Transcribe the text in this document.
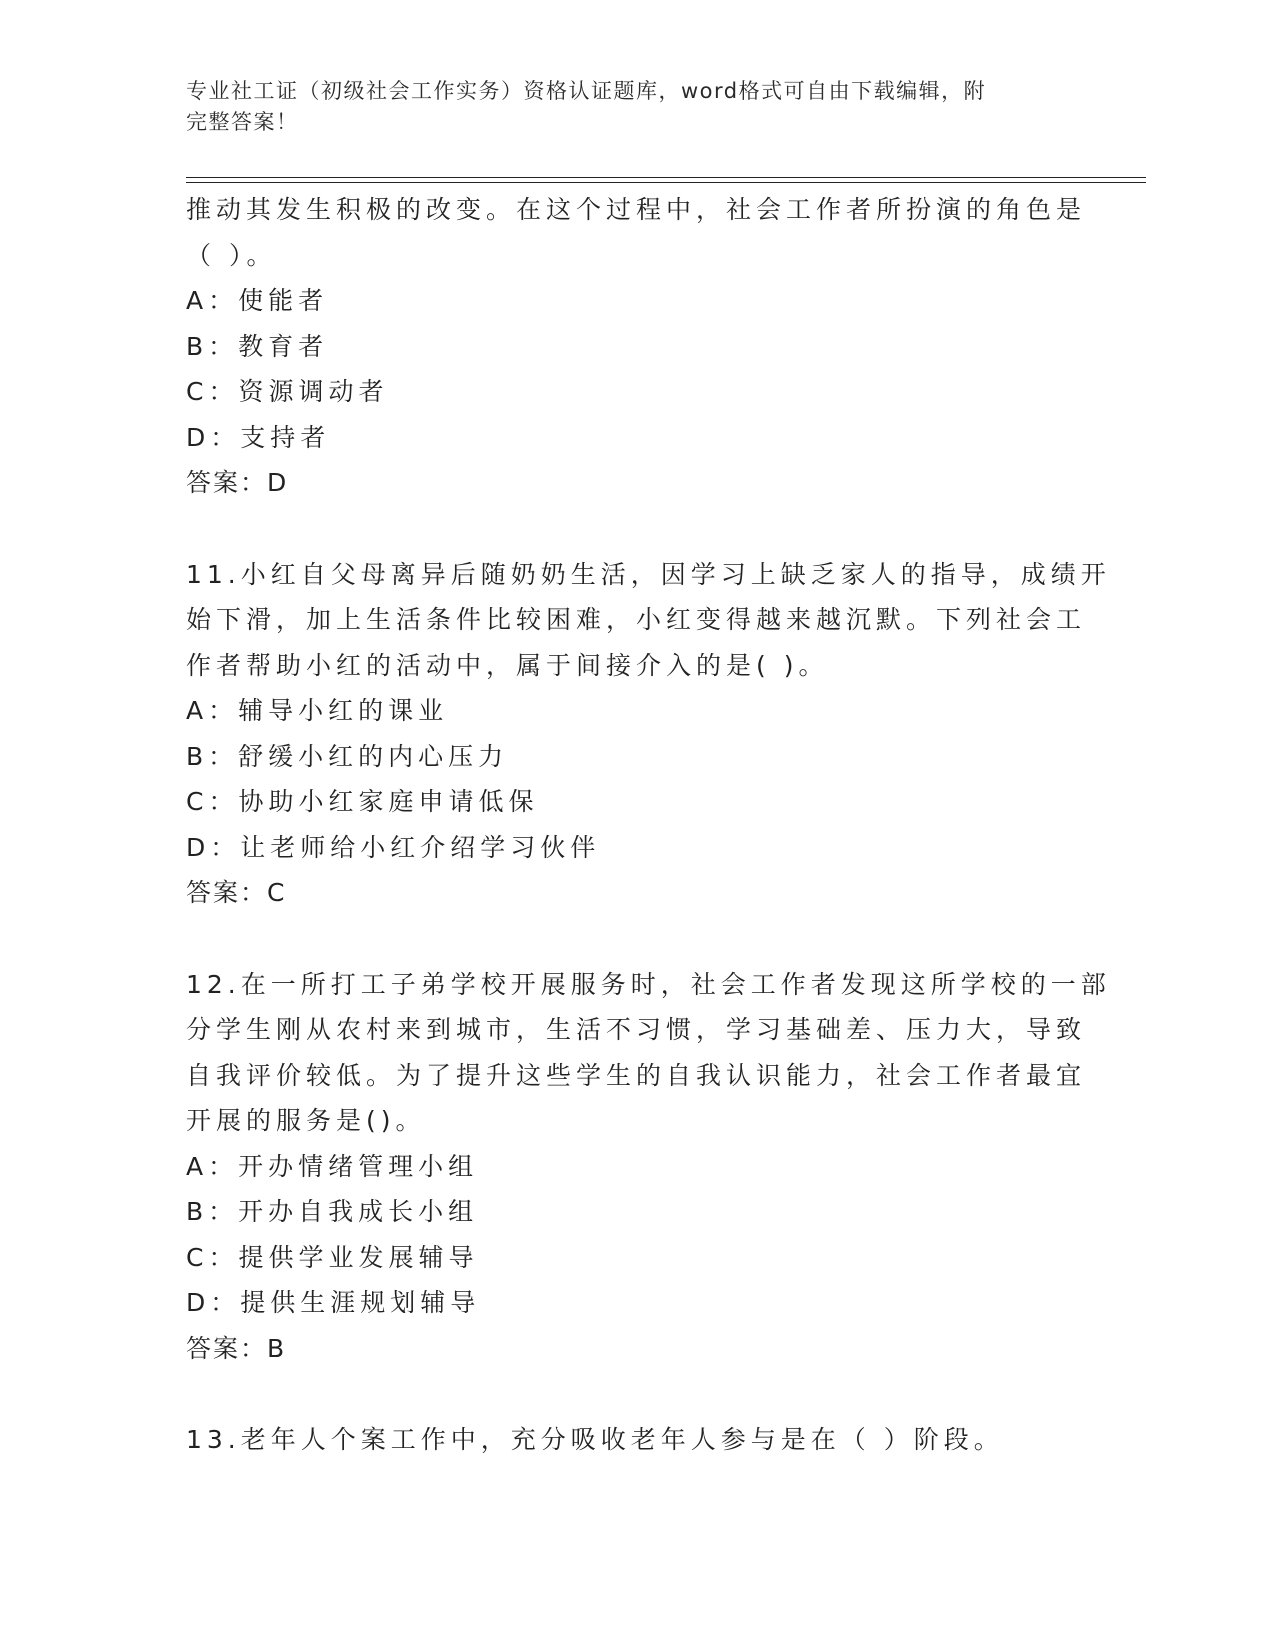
专业社工证（初级社会工作实务）资格认证题库，word格式可自由下载编辑，附
完整答案！
推动其发生积极的改变。在这个过程中，社会工作者所扮演的角色是
（ ）。
A：使能者
B：教育者
C：资源调动者
D：支持者
答案：D
11.小红自父母离异后随奶奶生活，因学习上缺乏家人的指导，成绩开
始下滑，加上生活条件比较困难，小红变得越来越沉默。下列社会工
作者帮助小红的活动中，属于间接介入的是( )。
A：辅导小红的课业
B：舒缓小红的内心压力
C：协助小红家庭申请低保
D：让老师给小红介绍学习伙伴
答案：C
12.在一所打工子弟学校开展服务时，社会工作者发现这所学校的一部
分学生刚从农村来到城市，生活不习惯，学习基础差、压力大，导致
自我评价较低。为了提升这些学生的自我认识能力，社会工作者最宜
开展的服务是()。
A：开办情绪管理小组
B：开办自我成长小组
C：提供学业发展辅导
D：提供生涯规划辅导
答案：B
13.老年人个案工作中，充分吸收老年人参与是在（ ）阶段。
